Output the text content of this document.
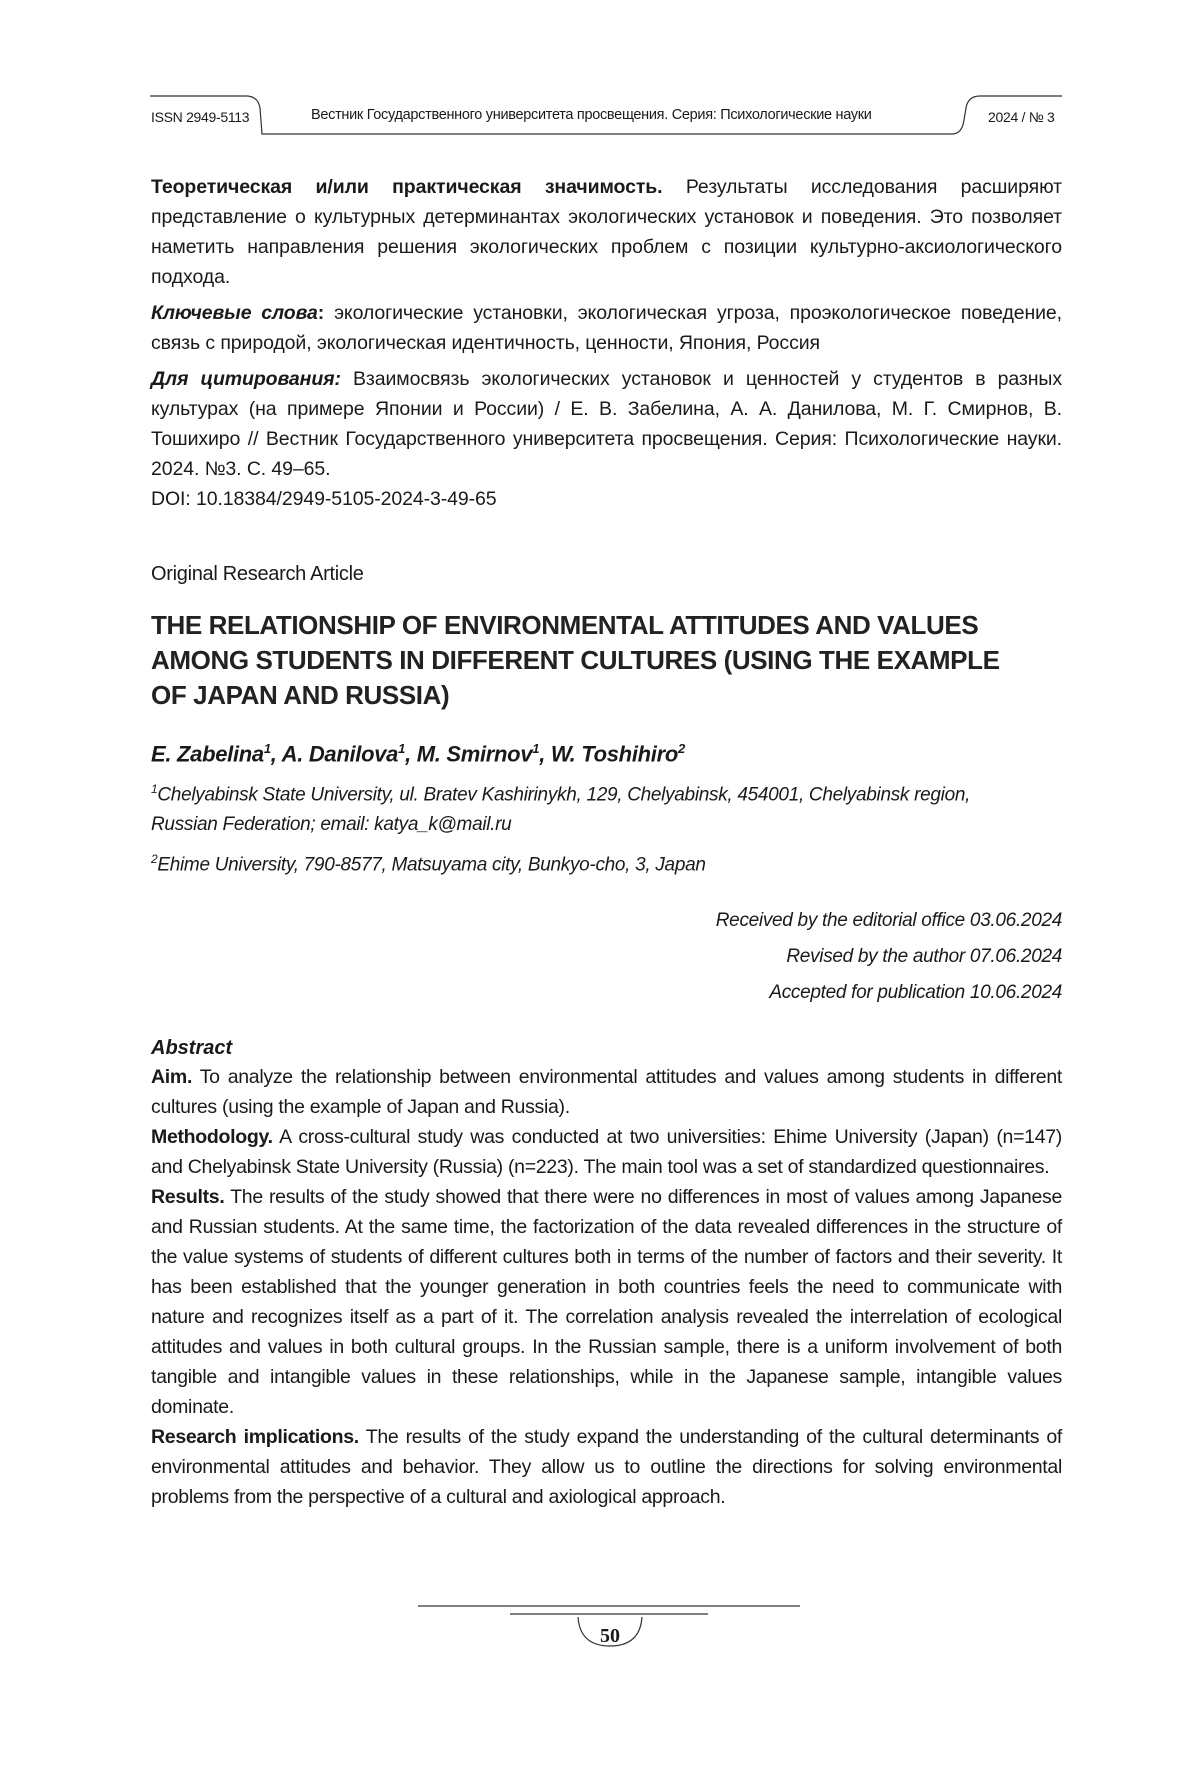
ISSN 2949-5113	Вестник Государственного университета просвещения. Серия: Психологические науки	2024 / № 3

Теоретическая и/или практическая значимость. Результаты исследования расширяют представление о культурных детерминантах экологических установок и поведения. Это позволяет наметить направления решения экологических проблем с позиции культурно-аксиологического подхода.

Ключевые слова: экологические установки, экологическая угроза, проэкологическое поведение, связь с природой, экологическая идентичность, ценности, Япония, Россия

Для цитирования: Взаимосвязь экологических установок и ценностей у студентов в разных культурах (на примере Японии и России) / Е. В. Забелина, А. А. Данилова, М. Г. Смирнов, В. Тошихиро // Вестник Государственного университета просвещения. Серия: Психологические науки. 2024. №3. С. 49–65.

DOI: 10.18384/2949-5105-2024-3-49-65

Original Research Article

THE RELATIONSHIP OF ENVIRONMENTAL ATTITUDES AND VALUES
AMONG STUDENTS IN DIFFERENT CULTURES (USING THE EXAMPLE
OF JAPAN AND RUSSIA)
E. Zabelina$^1$, A. Danilova$^1$, M. Smirnov$^1$, W. Toshihiro$^2$

$^1$Chelyabinsk State University, ul. Bratev Kashirinykh, 129, Chelyabinsk, 454001, Chelyabinsk region, Russian Federation; email: katya_k@mail.ru

$^2$Ehime University, 790-8577, Matsuyama city, Bunkyo-cho, 3, Japan

Received by the editorial office 03.06.2024
Revised by the author 07.06.2024
Accepted for publication 10.06.2024

Abstract

Aim. To analyze the relationship between environmental attitudes and values among students in different cultures (using the example of Japan and Russia).

Methodology. A cross-cultural study was conducted at two universities: Ehime University (Japan) (n=147) and Chelyabinsk State University (Russia) (n=223). The main tool was a set of standardized questionnaires.

Results. The results of the study showed that there were no differences in most of values among Japanese and Russian students. At the same time, the factorization of the data revealed differences in the structure of the value systems of students of different cultures both in terms of the number of factors and their severity. It has been established that the younger generation in both countries feels the need to communicate with nature and recognizes itself as a part of it. The correlation analysis revealed the interrelation of ecological attitudes and values in both cultural groups. In the Russian sample, there is a uniform involvement of both tangible and intangible values in these relationships, while in the Japanese sample, intangible values dominate.

Research implications. The results of the study expand the understanding of the cultural determinants of environmental attitudes and behavior. They allow us to outline the directions for solving environmental problems from the perspective of a cultural and axiological approach.

50
